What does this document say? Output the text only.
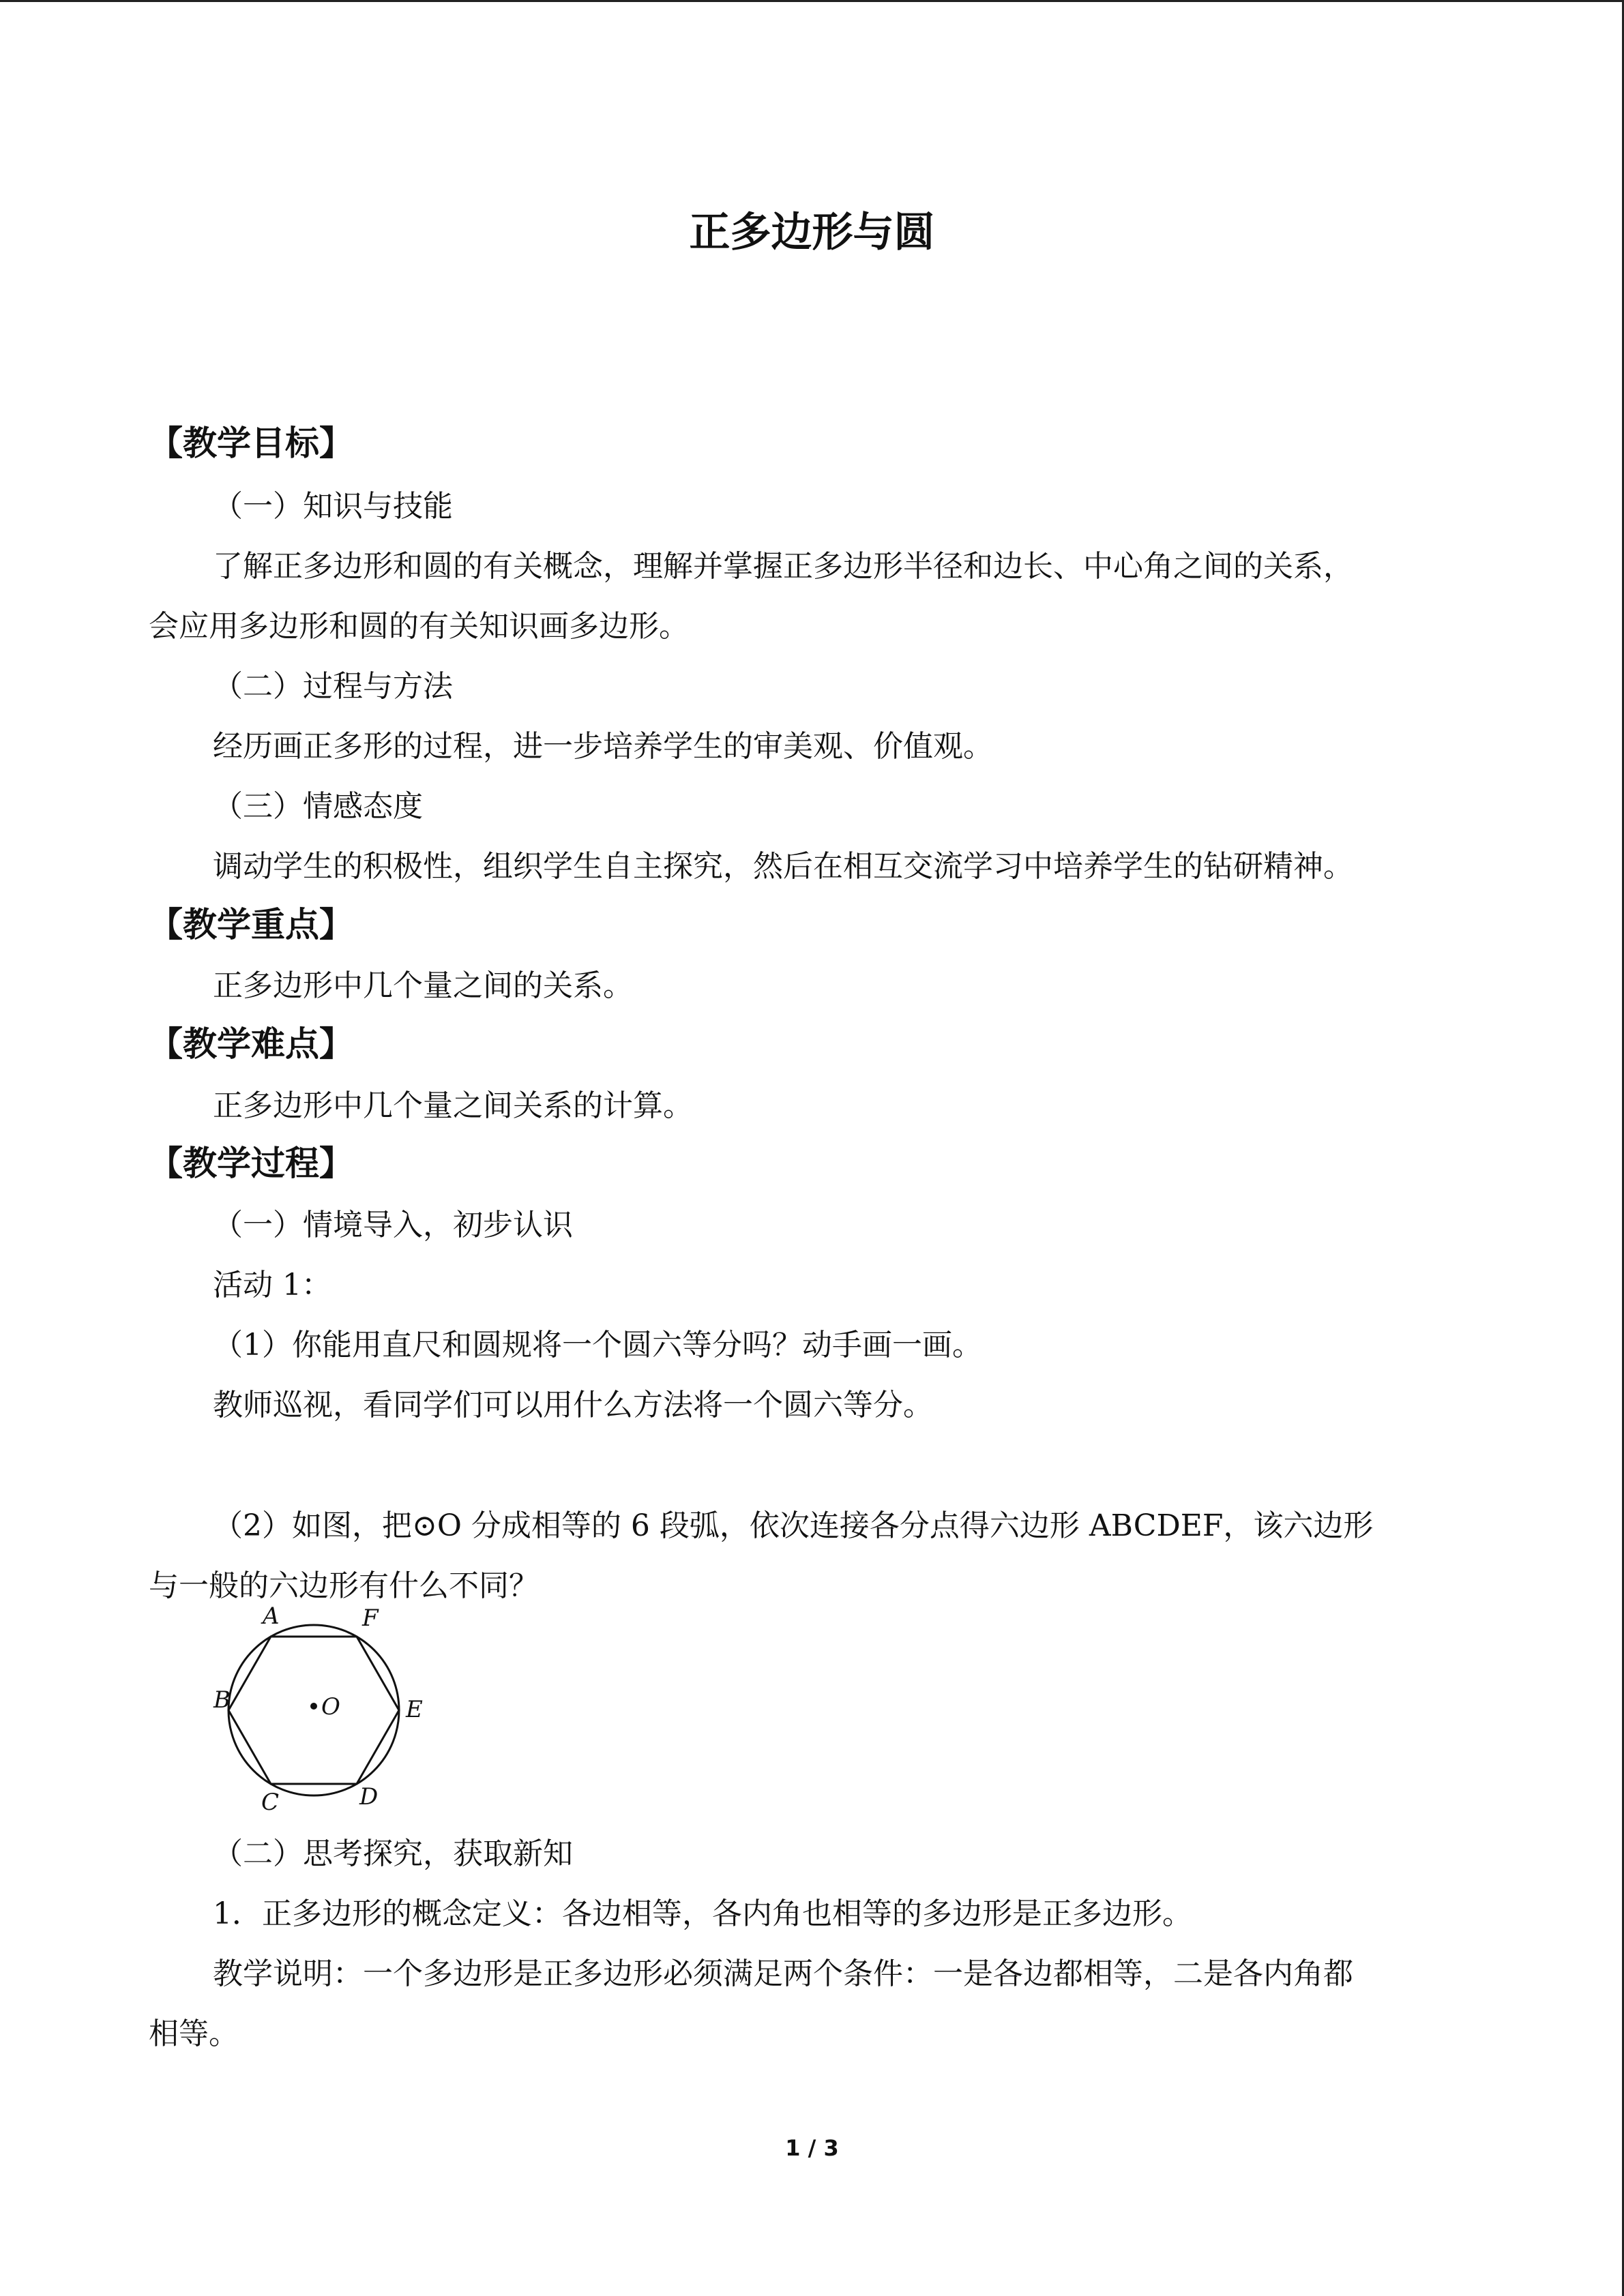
正多边形与圆
【教学目标】
（一）知识与技能
了解正多边形和圆的有关概念，理解并掌握正多边形半径和边长、中心角之间的关系，
会应用多边形和圆的有关知识画多边形。
（二）过程与方法
经历画正多形的过程，进一步培养学生的审美观、价值观。
（三）情感态度
调动学生的积极性，组织学生自主探究，然后在相互交流学习中培养学生的钻研精神。
【教学重点】
正多边形中几个量之间的关系。
【教学难点】
正多边形中几个量之间关系的计算。
【教学过程】
（一）情境导入，初步认识
活动 1：
（1）你能用直尺和圆规将一个圆六等分吗？动手画一画。
教师巡视，看同学们可以用什么方法将一个圆六等分。
（2）如图，把⊙O 分成相等的 6 段弧，依次连接各分点得六边形 ABCDEF，该六边形
与一般的六边形有什么不同？
A	F
B	E
O
C	D
（二）思考探究，获取新知
1．正多边形的概念定义：各边相等，各内角也相等的多边形是正多边形。
教学说明：一个多边形是正多边形必须满足两个条件：一是各边都相等，二是各内角都
相等。
1 / 3
